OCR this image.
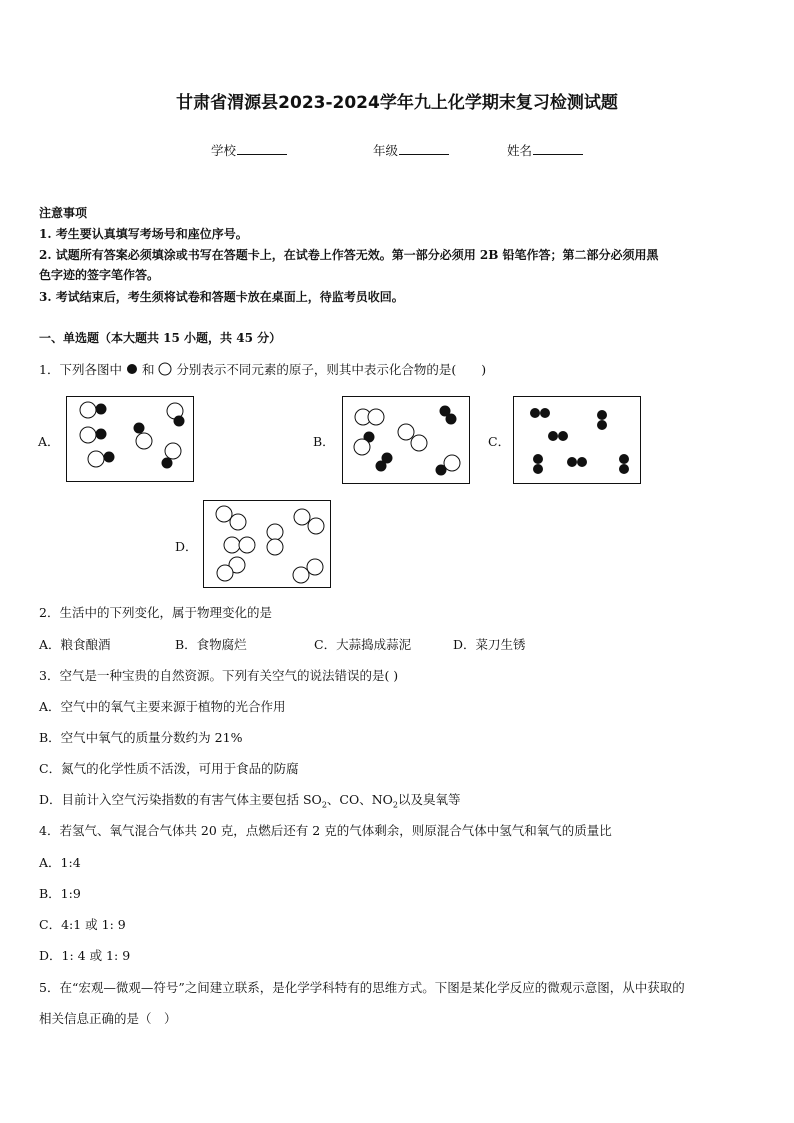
甘肃省渭源县2023-2024学年九上化学期末复习检测试题
学校	年级	姓名
注意事项
1. 考生要认真填写考场号和座位序号。
2. 试题所有答案必须填涂或书写在答题卡上，在试卷上作答无效。第一部分必须用 2B 铅笔作答；第二部分必须用黑
色字迹的签字笔作答。
3. 考试结束后，考生须将试卷和答题卡放在桌面上，待监考员收回。
一、单选题（本大题共 15 小题，共 45 分）
1．下列各图中 和 分别表示不同元素的原子，则其中表示化合物的是(　　)
A．	B．	C．
D．
2．生活中的下列变化，属于物理变化的是
A．粮食酿酒	B．食物腐烂	C．大蒜捣成蒜泥	D．菜刀生锈
3．空气是一种宝贵的自然资源。下列有关空气的说法错误的是( )
A．空气中的氧气主要来源于植物的光合作用
B．空气中氧气的质量分数约为 21%
C．氮气的化学性质不活泼，可用于食品的防腐
D．目前计入空气污染指数的有害气体主要包括 $SO_2$、CO、$NO_2$以及臭氧等
4．若氢气、氧气混合气体共 20 克，点燃后还有 2 克的气体剩余，则原混合气体中氢气和氧气的质量比
A．1:4
B．1:9
C．4:1 或 1: 9
D．1: 4 或 1: 9
5．在“宏观—微观—符号”之间建立联系，是化学学科特有的思维方式。下图是某化学反应的微观示意图，从中获取的
相关信息正确的是（　）
